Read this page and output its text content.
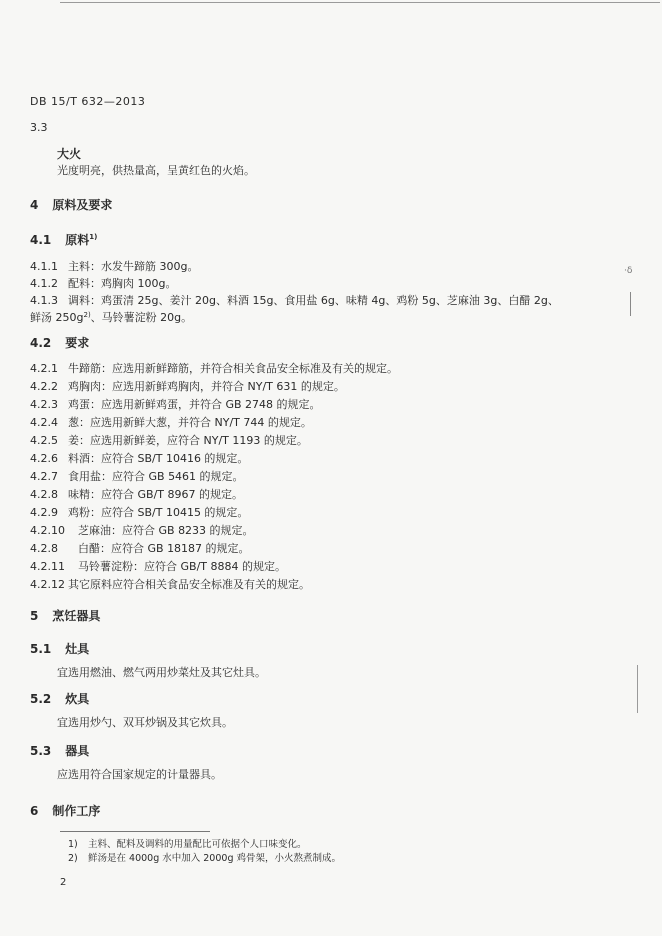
DB 15/T 632—2013
3.3
大火
光度明亮，供热量高，呈黄红色的火焰。
4 原料及要求
4.1 原料$^{1)}$
4.1.1 主料：水发牛蹄筋 300g。
4.1.2 配料：鸡胸肉 100g。
4.1.3 调料：鸡蛋清 25g、姜汁 20g、料酒 15g、食用盐 6g、味精 4g、鸡粉 5g、芝麻油 3g、白醋 2g、
鲜汤 $250g^{2)}$、马铃薯淀粉 20g。
4.2 要求
4.2.1 牛蹄筋：应选用新鲜蹄筋，并符合相关食品安全标准及有关的规定。
4.2.2 鸡胸肉：应选用新鲜鸡胸肉，并符合 NY/T 631 的规定。
4.2.3 鸡蛋：应选用新鲜鸡蛋，并符合 GB 2748 的规定。
4.2.4 葱：应选用新鲜大葱，并符合 NY/T 744 的规定。
4.2.5 姜：应选用新鲜姜，应符合 NY/T 1193 的规定。
4.2.6 料酒：应符合 SB/T 10416 的规定。
4.2.7 食用盐：应符合 GB 5461 的规定。
4.2.8 味精：应符合 GB/T 8967 的规定。
4.2.9 鸡粉：应符合 SB/T 10415 的规定。
4.2.10 芝麻油：应符合 GB 8233 的规定。
4.2.8 白醋：应符合 GB 18187 的规定。
4.2.11 马铃薯淀粉：应符合 GB/T 8884 的规定。
4.2.12 其它原料应符合相关食品安全标准及有关的规定。
5 烹饪器具
5.1 灶具
宜选用燃油、燃气两用炒菜灶及其它灶具。
5.2 炊具
宜选用炒勺、双耳炒锅及其它炊具。
5.3 器具
应选用符合国家规定的计量器具。
6 制作工序
1) 主料、配料及调料的用量配比可依据个人口味变化。
2) 鲜汤是在 4000g 水中加入 2000g 鸡骨架，小火熬煮制成。
2
·δ
